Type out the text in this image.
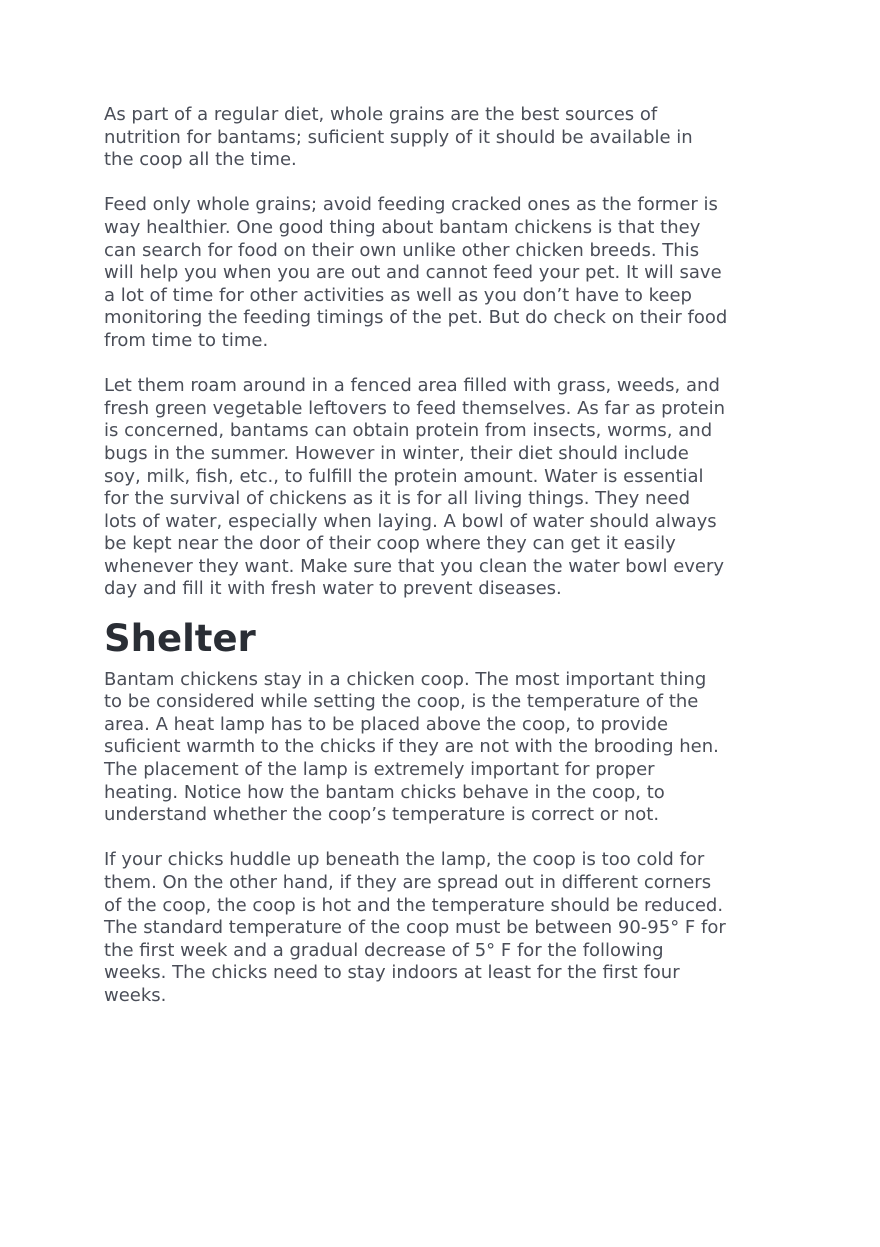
As part of a regular diet, whole grains are the best sources of
nutrition for bantams; suﬁcient supply of it should be available in
the coop all the time.

Feed only whole grains; avoid feeding cracked ones as the former is
way healthier. One good thing about bantam chickens is that they
can search for food on their own unlike other chicken breeds. This
will help you when you are out and cannot feed your pet. It will save
a lot of time for other activities as well as you don’t have to keep
monitoring the feeding timings of the pet. But do check on their food
from time to time.

Let them roam around in a fenced area filled with grass, weeds, and
fresh green vegetable leftovers to feed themselves. As far as protein
is concerned, bantams can obtain protein from insects, worms, and
bugs in the summer. However in winter, their diet should include
soy, milk, fish, etc., to fulfill the protein amount. Water is essential
for the survival of chickens as it is for all living things. They need
lots of water, especially when laying. A bowl of water should always
be kept near the door of their coop where they can get it easily
whenever they want. Make sure that you clean the water bowl every
day and fill it with fresh water to prevent diseases.

Shelter

Bantam chickens stay in a chicken coop. The most important thing
to be considered while setting the coop, is the temperature of the
area. A heat lamp has to be placed above the coop, to provide
suﬁcient warmth to the chicks if they are not with the brooding hen.
The placement of the lamp is extremely important for proper
heating. Notice how the bantam chicks behave in the coop, to
understand whether the coop’s temperature is correct or not.

If your chicks huddle up beneath the lamp, the coop is too cold for
them. On the other hand, if they are spread out in different corners
of the coop, the coop is hot and the temperature should be reduced.
The standard temperature of the coop must be between 90-95° F for
the first week and a gradual decrease of 5° F for the following
weeks. The chicks need to stay indoors at least for the first four
weeks.
